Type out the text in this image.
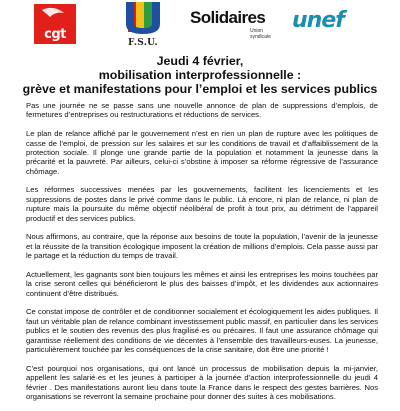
cgt
F.S.U.
Solidaires
Union syndicale
unef
Jeudi 4 février,
mobilisation interprofessionnelle :
grève et manifestations pour l’emploi et les services publics

Pas une journée ne se passe sans une nouvelle annonce de plan de suppressions d’emplois, de fermetures d’entreprises ou restructurations et réductions de services.

Le plan de relance affiché par le gouvernement n’est en rien un plan de rupture avec les politiques de casse de l’emploi, de pression sur les salaires et sur les conditions de travail et d’affaiblissement de la protection sociale. Il plonge une grande partie de la population et notamment la jeunesse dans la précarité et la pauvreté. Par ailleurs, celui-ci s’obstine à imposer sa réforme régressive de l’assurance chômage.

Les réformes successives menées par les gouvernements, facilitent les licenciements et les suppressions de postes dans le privé comme dans le public. Là encore, ni plan de relance, ni plan de rupture mais la poursuite du même objectif néolibéral de profit à tout prix, au détriment de l’appareil productif et des services publics.

Nous affirmons, au contraire, que la réponse aux besoins de toute la population, l’avenir de la jeunesse et la réussite de la transition écologique imposent la création de millions d’emplois. Cela passe aussi par le partage et la réduction du temps de travail.

Actuellement, les gagnants sont bien toujours les mêmes et ainsi les entreprises les moins touchées par la crise seront celles qui bénéficieront le plus des baisses d’impôt, et les dividendes aux actionnaires continuent d’être distribués.

Ce constat impose de contrôler et de conditionner socialement et écologiquement les aides publiques. Il faut un véritable plan de relance combinant investissement public massif, en particulier dans les services publics et le soutien des revenus des plus fragilisé·es ou précaires. Il faut une assurance chômage qui garantisse réellement des conditions de vie décentes à l’ensemble des travailleurs-euses. La jeunesse, particulièrement touchée par les conséquences de la crise sanitaire, doit être une priorité !

C’est pourquoi nos organisations, qui ont lancé un processus de mobilisation depuis la mi-janvier, appellent les salarié·es et les jeunes à participer à la journée d’action interprofessionnelle du jeudi 4 février . Des manifestations auront lieu dans toute la France dans le respect des gestes barrières. Nos organisations se reverront la semaine prochaine pour donner des suites à ces mobilisations.
